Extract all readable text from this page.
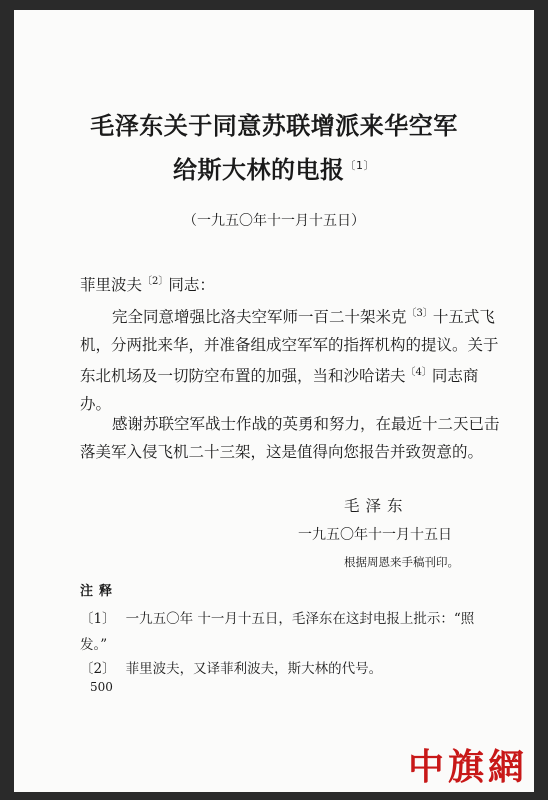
毛泽东关于同意苏联增派来华空军
给斯大林的电报$^{〔1〕}$
（一九五〇年十一月十五日）
菲里波夫$^{〔2〕}$同志：
完全同意增强比洛夫空军师一百二十架米克$^{〔3〕}$十五式飞机，分两批来华，并准备组成空军军的指挥机构的提议。关于东北机场及一切防空布置的加强，当和沙哈诺夫$^{〔4〕}$同志商办。
感谢苏联空军战士作战的英勇和努力，在最近十二天已击落美军入侵飞机二十三架，这是值得向您报告并致贺意的。
毛泽东
一九五〇年十一月十五日
根据周恩来手稿刊印。
注释
〔1〕 一九五〇年 十一月十五日，毛泽东在这封电报上批示：“照发。”
〔2〕 菲里波夫，又译菲利波夫，斯大林的代号。
500
中旗網
